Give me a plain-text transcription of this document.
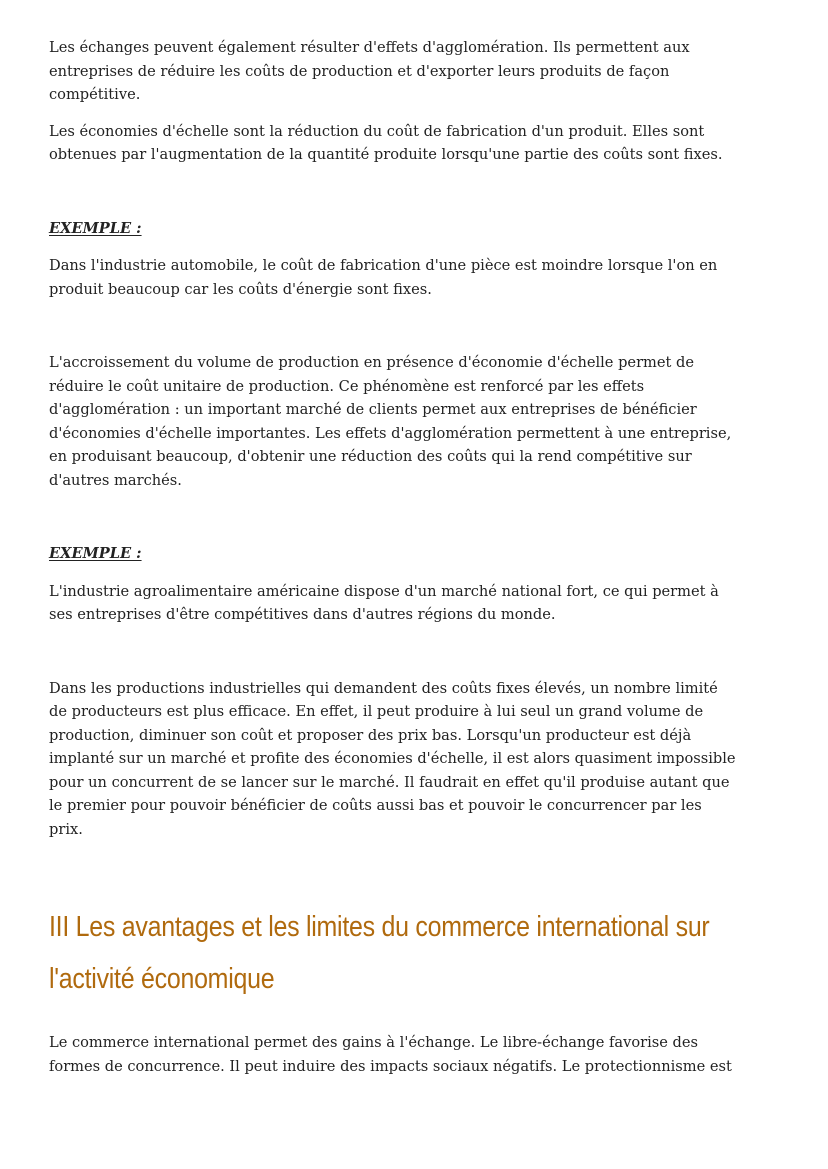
Les échanges peuvent également résulter d'effets d'agglomération. Ils permettent aux entreprises de réduire les coûts de production et d'exporter leurs produits de façon compétitive.

Les économies d'échelle sont la réduction du coût de fabrication d'un produit. Elles sont obtenues par l'augmentation de la quantité produite lorsqu'une partie des coûts sont fixes.

EXEMPLE :

Dans l'industrie automobile, le coût de fabrication d'une pièce est moindre lorsque l'on en produit beaucoup car les coûts d'énergie sont fixes.

L'accroissement du volume de production en présence d'économie d'échelle permet de réduire le coût unitaire de production. Ce phénomène est renforcé par les effets d'agglomération : un important marché de clients permet aux entreprises de bénéficier d'économies d'échelle importantes. Les effets d'agglomération permettent à une entreprise, en produisant beaucoup, d'obtenir une réduction des coûts qui la rend compétitive sur d'autres marchés.

EXEMPLE :

L'industrie agroalimentaire américaine dispose d'un marché national fort, ce qui permet à ses entreprises d'être compétitives dans d'autres régions du monde.

Dans les productions industrielles qui demandent des coûts fixes élevés, un nombre limité de producteurs est plus efficace. En effet, il peut produire à lui seul un grand volume de production, diminuer son coût et proposer des prix bas. Lorsqu'un producteur est déjà implanté sur un marché et profite des économies d'échelle, il est alors quasiment impossible pour un concurrent de se lancer sur le marché. Il faudrait en effet qu'il produise autant que le premier pour pouvoir bénéficier de coûts aussi bas et pouvoir le concurrencer par les prix.

III Les avantages et les limites du commerce international sur l'activité économique

Le commerce international permet des gains à l'échange. Le libre-échange favorise des formes de concurrence. Il peut induire des impacts sociaux négatifs. Le protectionnisme est
